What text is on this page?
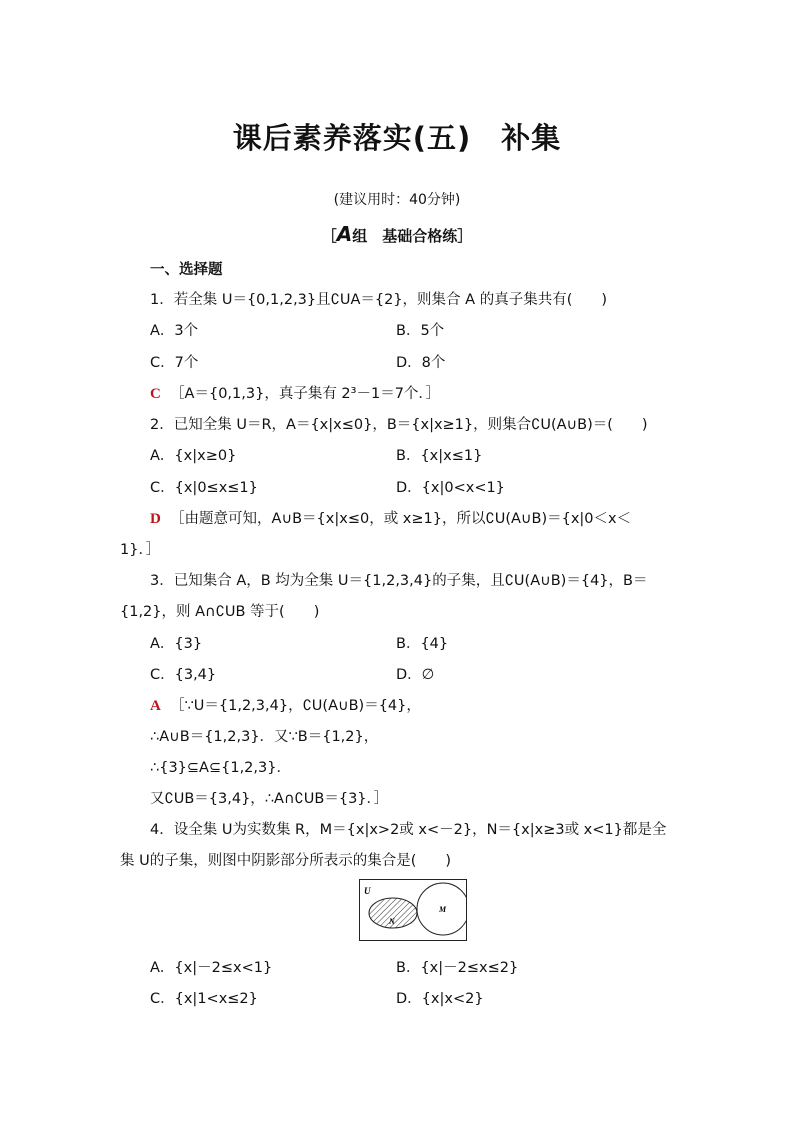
课后素养落实(五)　补集
(建议用时：40分钟)
［A组　基础合格练］
一、选择题
1．若全集 U＝{0,1,2,3}且∁UA＝{2}，则集合 A 的真子集共有(　　)
A．3个	B．5个
C．7个	D．8个
C ［A＝{0,1,3}，真子集有 2³－1＝7个．］
2．已知全集 U＝R，A＝{x|x≤0}，B＝{x|x≥1}，则集合∁U(A∪B)＝(　　)
A．{x|x≥0}	B．{x|x≤1}
C．{x|0≤x≤1}	D．{x|0<x<1}
D ［由题意可知，A∪B＝{x|x≤0，或 x≥1}，所以∁U(A∪B)＝{x|0＜x＜
1}．］
3．已知集合 A，B 均为全集 U＝{1,2,3,4}的子集，且∁U(A∪B)＝{4}，B＝
{1,2}，则 A∩∁UB 等于(　　)
A．{3}	B．{4}
C．{3,4}	D．∅
A ［∵U＝{1,2,3,4}，∁U(A∪B)＝{4}，
∴A∪B＝{1,2,3}．又∵B＝{1,2}，
∴{3}⊆A⊆{1,2,3}．
又∁UB＝{3,4}，∴A∩∁UB＝{3}．］
4．设全集 U为实数集 R，M＝{x|x>2或 x<－2}，N＝{x|x≥3或 x<1}都是全
集 U的子集，则图中阴影部分所表示的集合是(　　)
U
N
M
A．{x|－2≤x<1}	B．{x|－2≤x≤2}
C．{x|1<x≤2}	D．{x|x<2}
